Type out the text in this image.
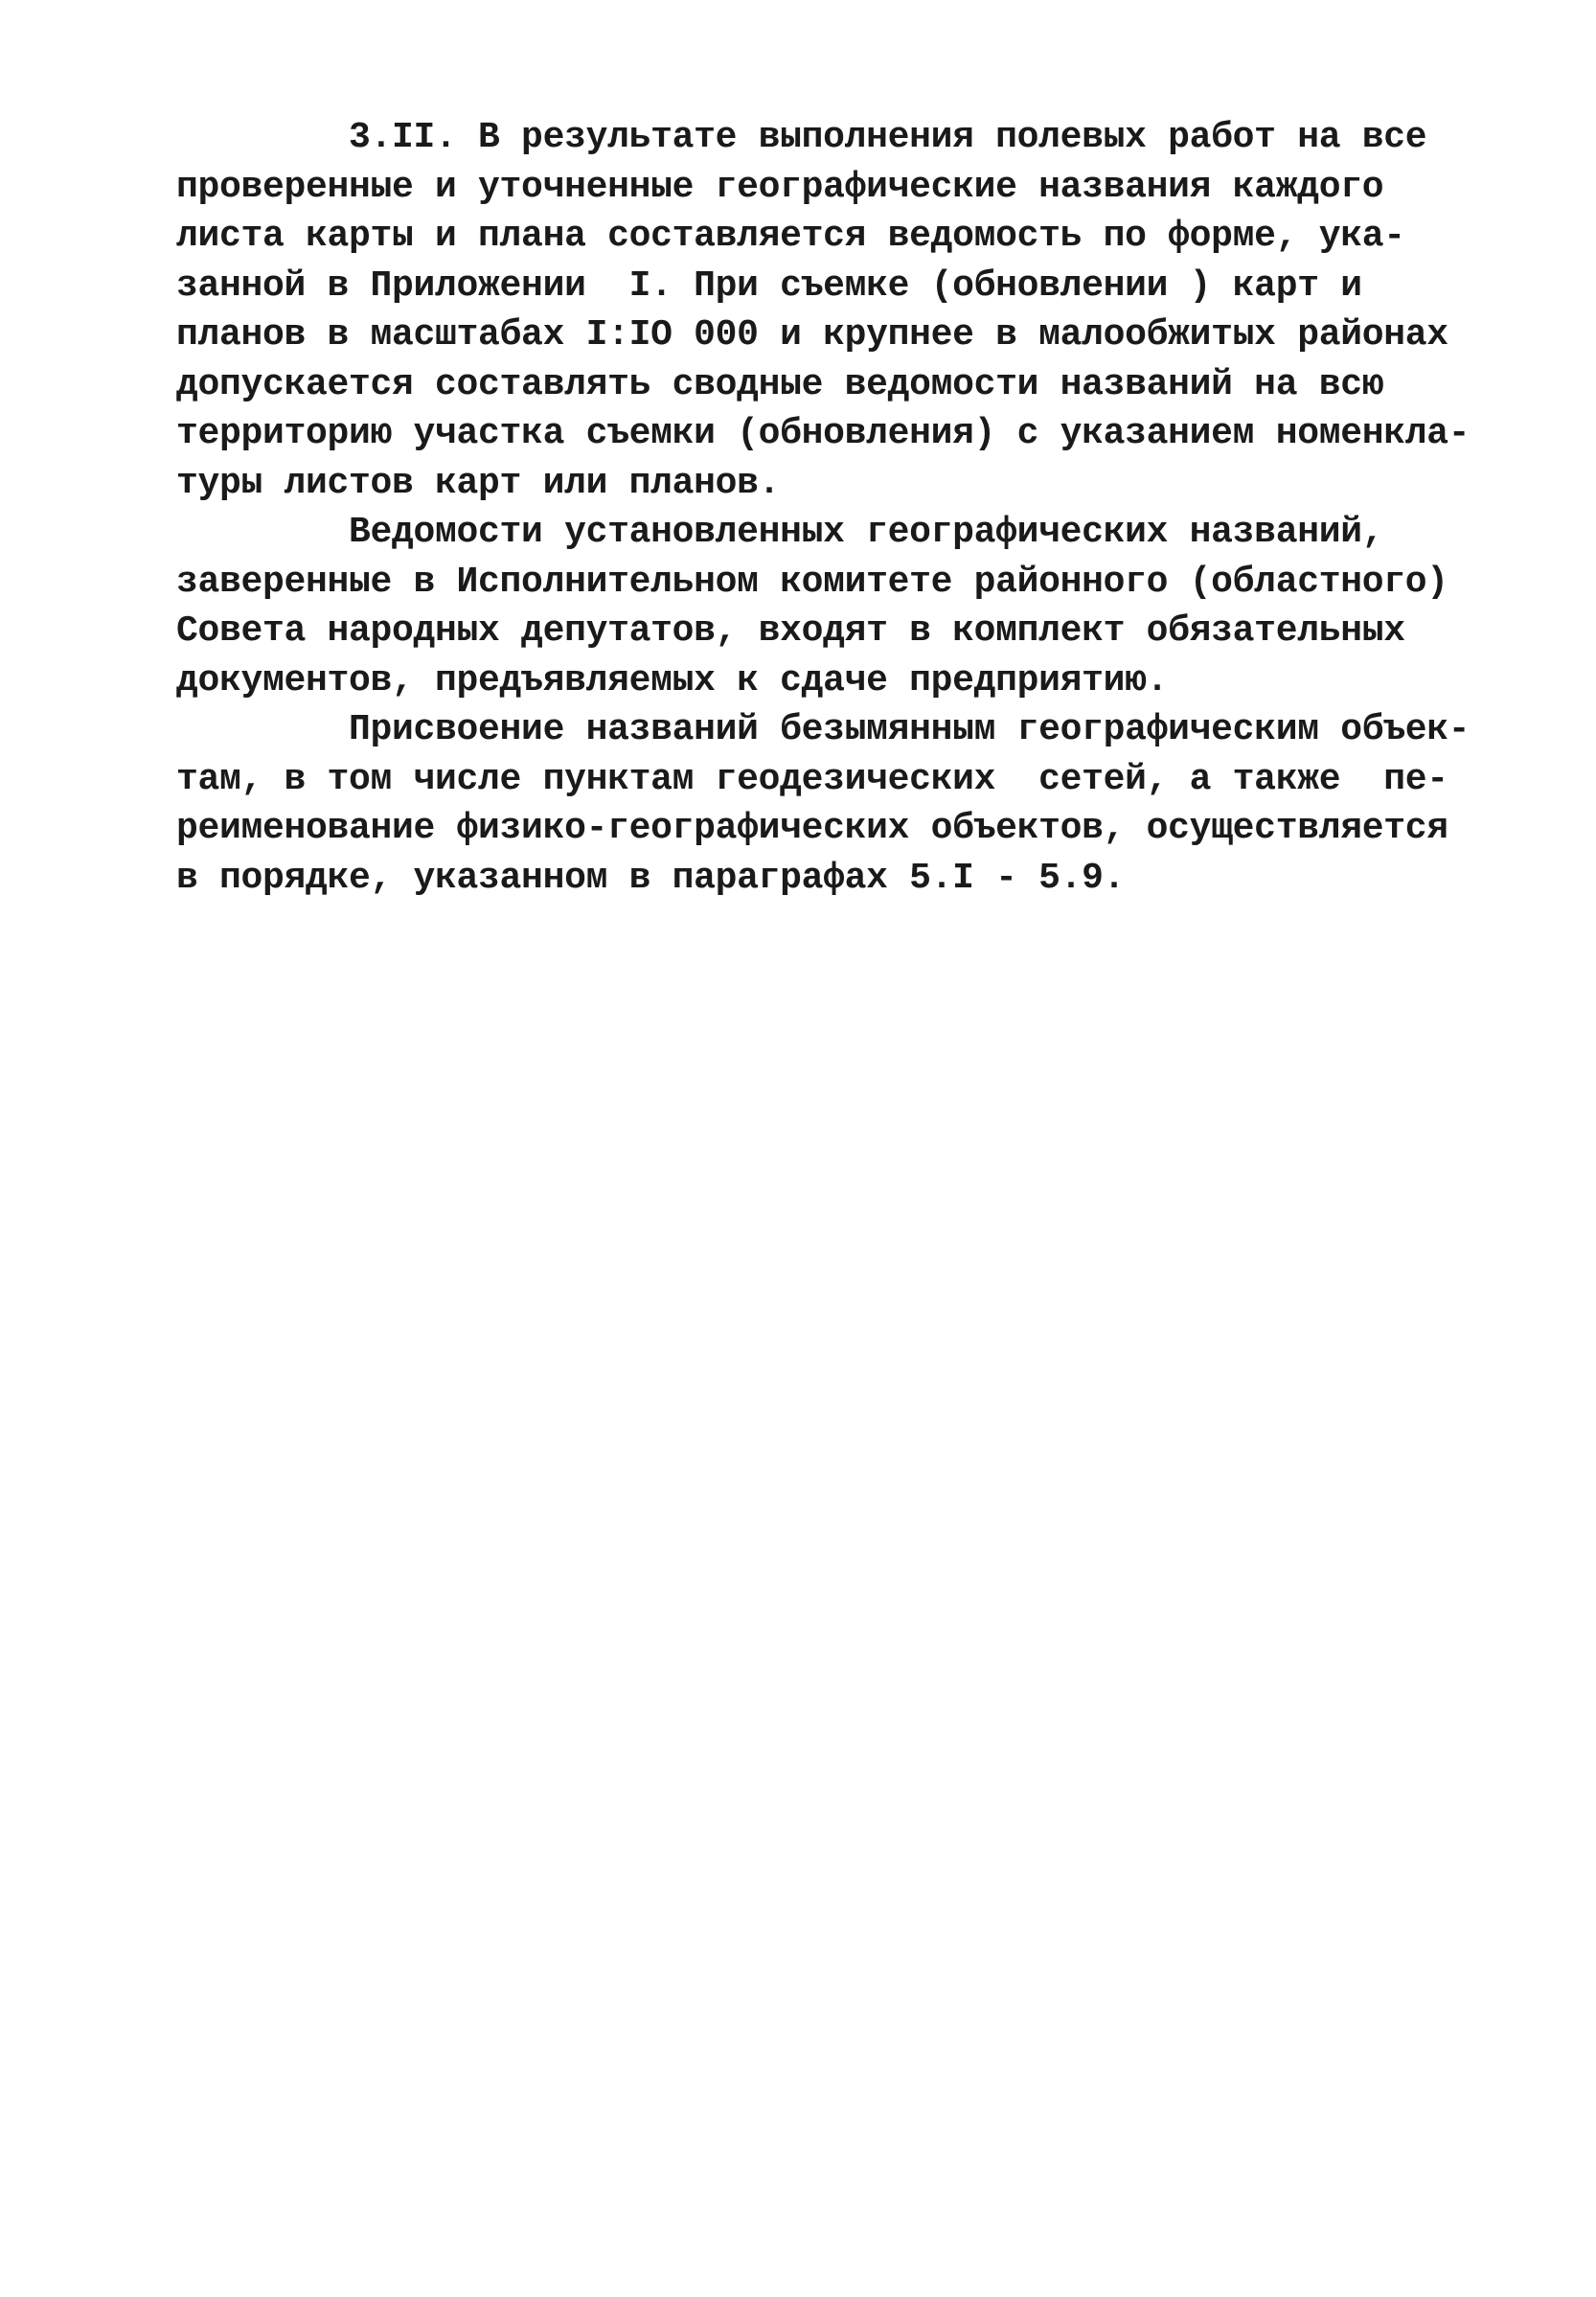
3.II. В результате выполнения полевых работ на все
проверенные и уточненные географические названия каждого
листа карты и плана составляется ведомость по форме, ука-
занной в Приложении  I. При съемке (обновлении ) карт и
планов в масштабах I:IO 000 и крупнее в малообжитых районах
допускается составлять сводные ведомости названий на всю
территорию участка съемки (обновления) с указанием номенкла-
туры листов карт или планов.
Ведомости установленных географических названий,
заверенные в Исполнительном комитете районного (областного)
Совета народных депутатов, входят в комплект обязательных
документов, предъявляемых к сдаче предприятию.
Присвоение названий безымянным географическим объек-
там, в том числе пунктам геодезических  сетей, а также  пе-
реименование физико-географических объектов, осуществляется
в порядке, указанном в параграфах 5.I - 5.9.
